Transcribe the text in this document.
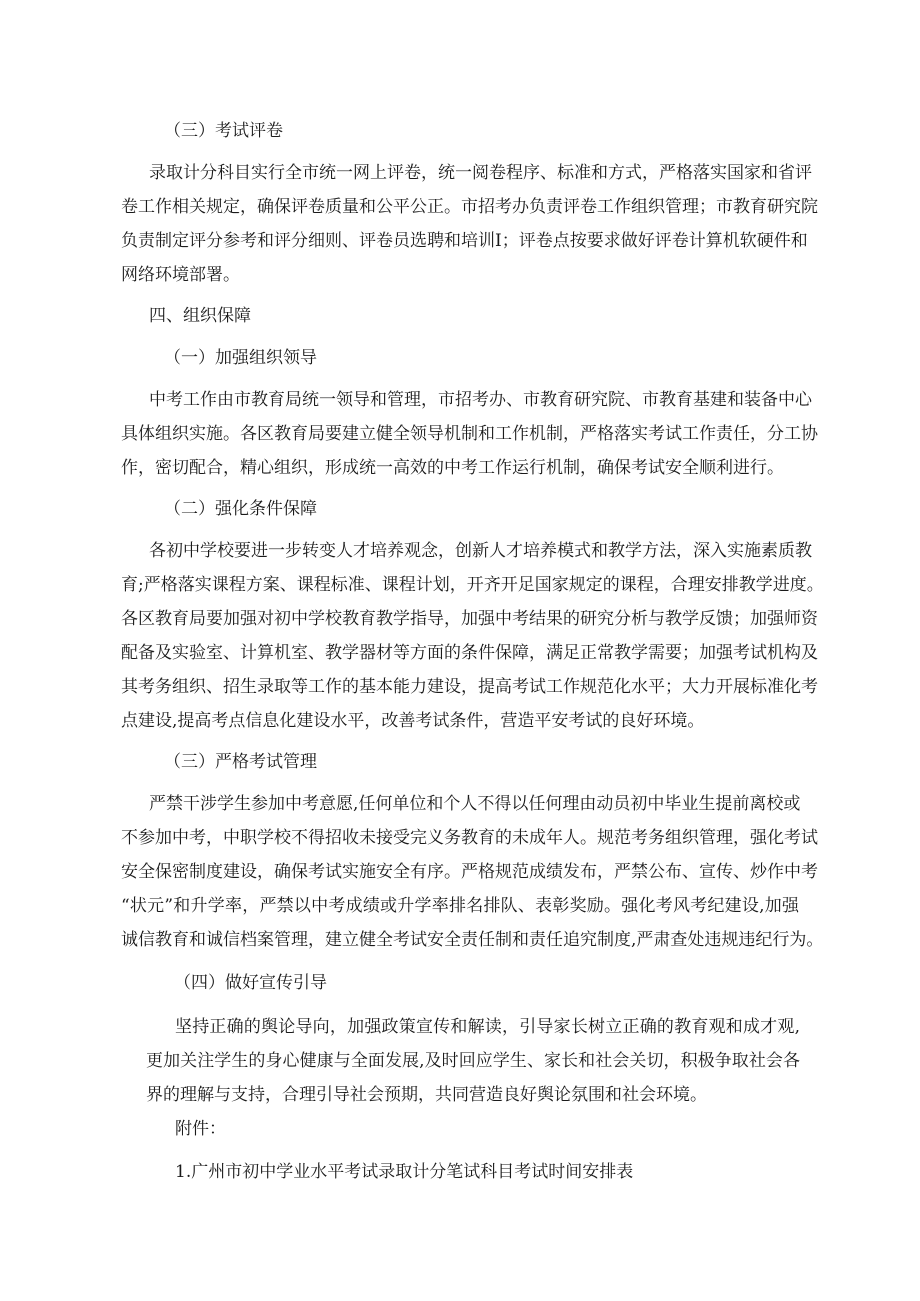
（三）考试评卷
录取计分科目实行全市统一网上评卷，统一阅卷程序、标准和方式，严格落实国家和省评
卷工作相关规定，确保评卷质量和公平公正。市招考办负责评卷工作组织管理；市教育研究院
负责制定评分参考和评分细则、评卷员选聘和培训Ⅰ；评卷点按要求做好评卷计算机软硬件和
网络环境部署。
四、组织保障
（一）加强组织领导
中考工作由市教育局统一领导和管理，市招考办、市教育研究院、市教育基建和装备中心
具体组织实施。各区教育局要建立健全领导机制和工作机制，严格落实考试工作责任，分工协
作，密切配合，精心组织，形成统一高效的中考工作运行机制，确保考试安全顺利进行。
（二）强化条件保障
各初中学校要进一步转变人才培养观念，创新人才培养模式和教学方法，深入实施素质教
育;严格落实课程方案、课程标准、课程计划，开齐开足国家规定的课程，合理安排教学进度。
各区教育局要加强对初中学校教育教学指导，加强中考结果的研究分析与教学反馈；加强师资
配备及实验室、计算机室、教学器材等方面的条件保障，满足正常教学需要；加强考试机构及
其考务组织、招生录取等工作的基本能力建设，提高考试工作规范化水平；大力开展标准化考
点建设,提高考点信息化建设水平，改善考试条件，营造平安考试的良好环境。
（三）严格考试管理
严禁干涉学生参加中考意愿,任何单位和个人不得以任何理由动员初中毕业生提前离校或
不参加中考，中职学校不得招收未接受完义务教育的未成年人。规范考务组织管理，强化考试
安全保密制度建设，确保考试实施安全有序。严格规范成绩发布，严禁公布、宣传、炒作中考
“状元”和升学率，严禁以中考成绩或升学率排名排队、表彰奖励。强化考风考纪建设,加强
诚信教育和诚信档案管理，建立健全考试安全责任制和责任追究制度,严肃查处违规违纪行为。
（四）做好宣传引导
坚持正确的舆论导向，加强政策宣传和解读，引导家长树立正确的教育观和成才观,
更加关注学生的身心健康与全面发展,及时回应学生、家长和社会关切，积极争取社会各
界的理解与支持，合理引导社会预期，共同营造良好舆论氛围和社会环境。
附件：
1.广州市初中学业水平考试录取计分笔试科目考试时间安排表
